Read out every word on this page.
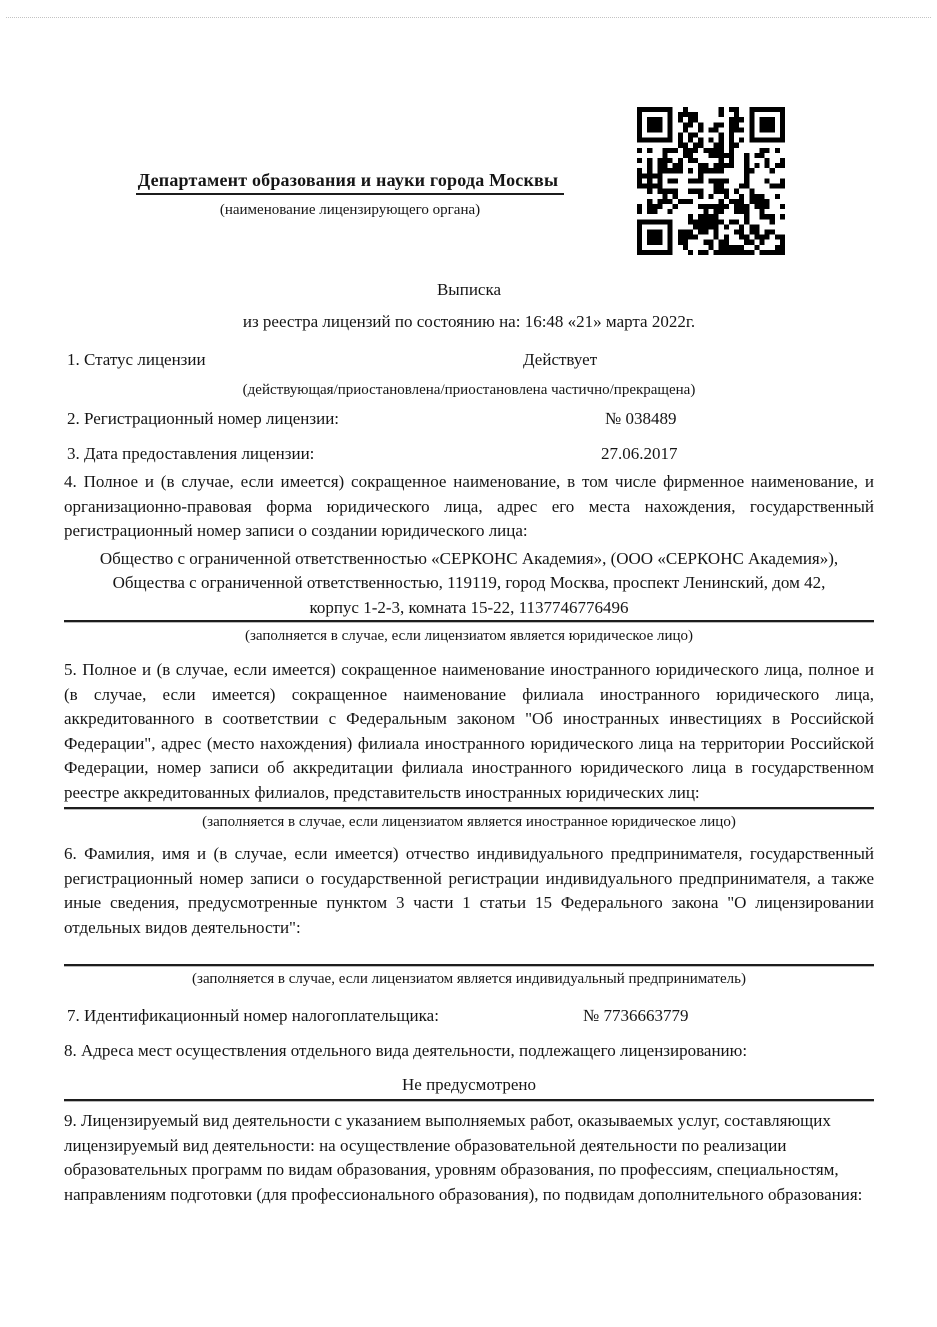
Департамент образования и науки города Москвы
(наименование лицензирующего органа)
Выписка
из реестра лицензий по состоянию на: 16:48 «21» марта 2022г.
1. Статус лицензии	Действует
(действующая/приостановлена/приостановлена частично/прекращена)
2. Регистрационный номер лицензии:	№ 038489
3. Дата предоставления лицензии:	27.06.2017

4. Полное и (в случае, если имеется) сокращенное наименование, в том числе фирменное наименование, и организационно-правовая форма юридического лица, адрес его места нахождения, государственный регистрационный номер записи о создании юридического лица:

Общество с ограниченной ответственностью «СЕРКОНС Академия», (ООО «СЕРКОНС Академия»), Общества с ограниченной ответственностью, 119119, город Москва, проспект Ленинский, дом 42, корпус 1-2-3, комната 15-22, 1137746776496
(заполняется в случае, если лицензиатом является юридическое лицо)

5. Полное и (в случае, если имеется) сокращенное наименование иностранного юридического лица, полное и (в случае, если имеется) сокращенное наименование филиала иностранного юридического лица, аккредитованного в соответствии с Федеральным законом "Об иностранных инвестициях в Российской Федерации", адрес (место нахождения) филиала иностранного юридического лица на территории Российской Федерации, номер записи об аккредитации филиала иностранного юридического лица в государственном реестре аккредитованных филиалов, представительств иностранных юридических лиц:

(заполняется в случае, если лицензиатом является иностранное юридическое лицо)

6. Фамилия, имя и (в случае, если имеется) отчество индивидуального предпринимателя, государственный регистрационный номер записи о государственной регистрации индивидуального предпринимателя, а также иные сведения, предусмотренные пунктом 3 части 1 статьи 15 Федерального закона "О лицензировании отдельных видов деятельности":

(заполняется в случае, если лицензиатом является индивидуальный предприниматель)
7. Идентификационный номер налогоплательщика:	№ 7736663779

8. Адреса мест осуществления отдельного вида деятельности, подлежащего лицензированию:

Не предусмотрено

9. Лицензируемый вид деятельности с указанием выполняемых работ, оказываемых услуг, составляющих лицензируемый вид деятельности: на осуществление образовательной деятельности по реализации образовательных программ по видам образования, уровням образования, по профессиям, специальностям, направлениям подготовки (для профессионального образования), по подвидам дополнительного образования:
